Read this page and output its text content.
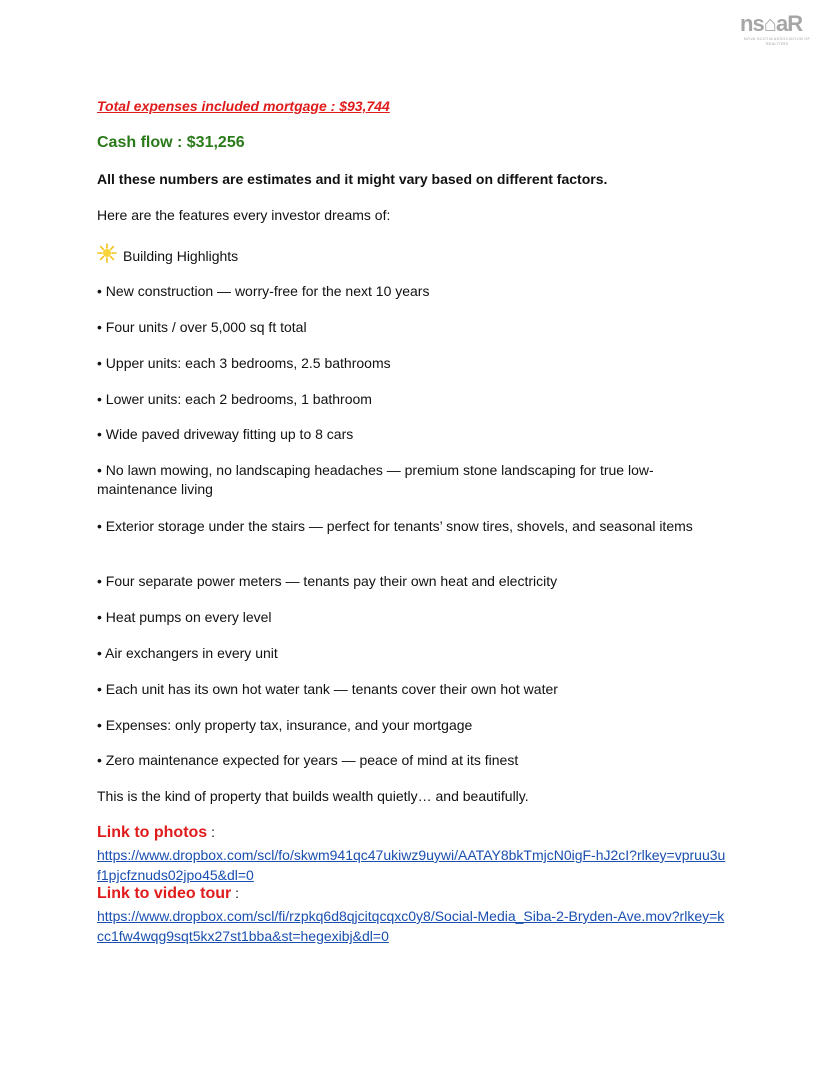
ns⌂aR
NOVA SCOTIA ASSOCIATION OF REALTORS
Total expenses included mortgage : $93,744
Cash flow : $31,256
All these numbers are estimates and it might vary based on different factors.
Here are the features every investor dreams of:
Building Highlights
• New construction — worry-free for the next 10 years
• Four units / over 5,000 sq ft total
• Upper units: each 3 bedrooms, 2.5 bathrooms
• Lower units: each 2 bedrooms, 1 bathroom
• Wide paved driveway fitting up to 8 cars
• No lawn mowing, no landscaping headaches — premium stone landscaping for true low-maintenance living
• Exterior storage under the stairs — perfect for tenants’ snow tires, shovels, and seasonal items
• Four separate power meters — tenants pay their own heat and electricity
• Heat pumps on every level
• Air exchangers in every unit
• Each unit has its own hot water tank — tenants cover their own hot water
• Expenses: only property tax, insurance, and your mortgage
• Zero maintenance expected for years — peace of mind at its finest
This is the kind of property that builds wealth quietly… and beautifully.
Link to photos :
https://www.dropbox.com/scl/fo/skwm941qc47ukiwz9uywi/AATAY8bkTmjcN0igF-hJ2cI?rlkey=vpruu3uf1pjcfznuds02jpo45&dl=0
Link to video tour :
https://www.dropbox.com/scl/fi/rzpkq6d8qjcitqcqxc0y8/Social-Media_Siba-2-Bryden-Ave.mov?rlkey=kcc1fw4wqg9sqt5kx27st1bba&st=hegexibj&dl=0
